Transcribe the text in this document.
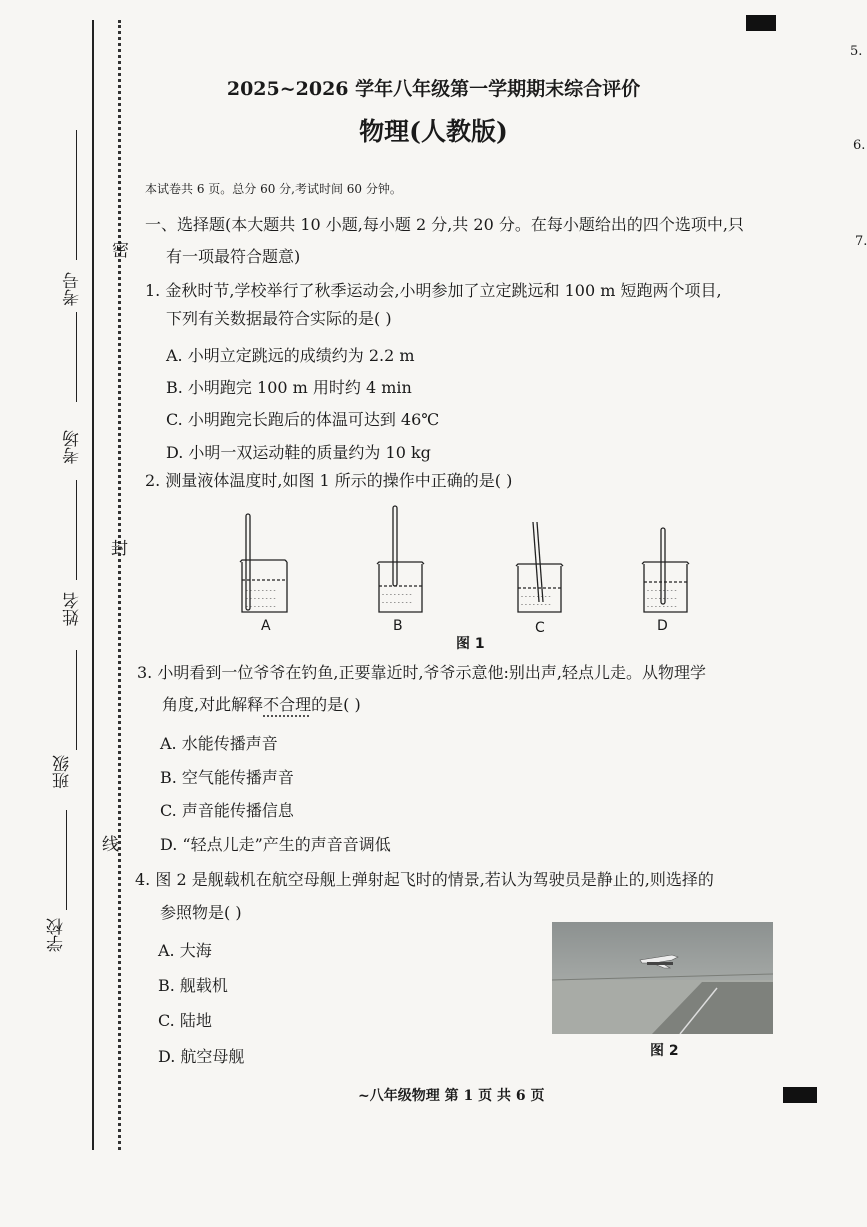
考号
考场
姓名
班级
学校
密
封
线
5.
6.
7.
2025~2026 学年八年级第一学期期末综合评价
物理(人教版)
本试卷共 6 页。总分 60 分,考试时间 60 分钟。
一、选择题(本大题共 10 小题,每小题 2 分,共 20 分。在每小题给出的四个选项中,只
有一项最符合题意)
1. 金秋时节,学校举行了秋季运动会,小明参加了立定跳远和 100 m 短跑两个项目,
下列有关数据最符合实际的是( )
A. 小明立定跳远的成绩约为 2.2 m
B. 小明跑完 100 m 用时约 4 min
C. 小明跑完长跑后的体温可达到 46℃
D. 小明一双运动鞋的质量约为 10 kg
2. 测量液体温度时,如图 1 所示的操作中正确的是( )
- - - - - - - -
- - - - - - - -
- - - - - - - -
- - - - - - - -
- - - - - - - -
- - - - - - - -
- - - - - - - -
- - - - - - - -
- - - - - - - -
- - - - - - - -
A	B	C	D
图 1
3. 小明看到一位爷爷在钓鱼,正要靠近时,爷爷示意他:别出声,轻点儿走。从物理学
角度,对此解释不合理的是( )
A. 水能传播声音
B. 空气能传播声音
C. 声音能传播信息
D. “轻点儿走”产生的声音音调低
4. 图 2 是舰载机在航空母舰上弹射起飞时的情景,若认为驾驶员是静止的,则选择的
参照物是( )
A. 大海
B. 舰载机
C. 陆地
D. 航空母舰	图 2
~八年级物理 第 1 页 共 6 页
